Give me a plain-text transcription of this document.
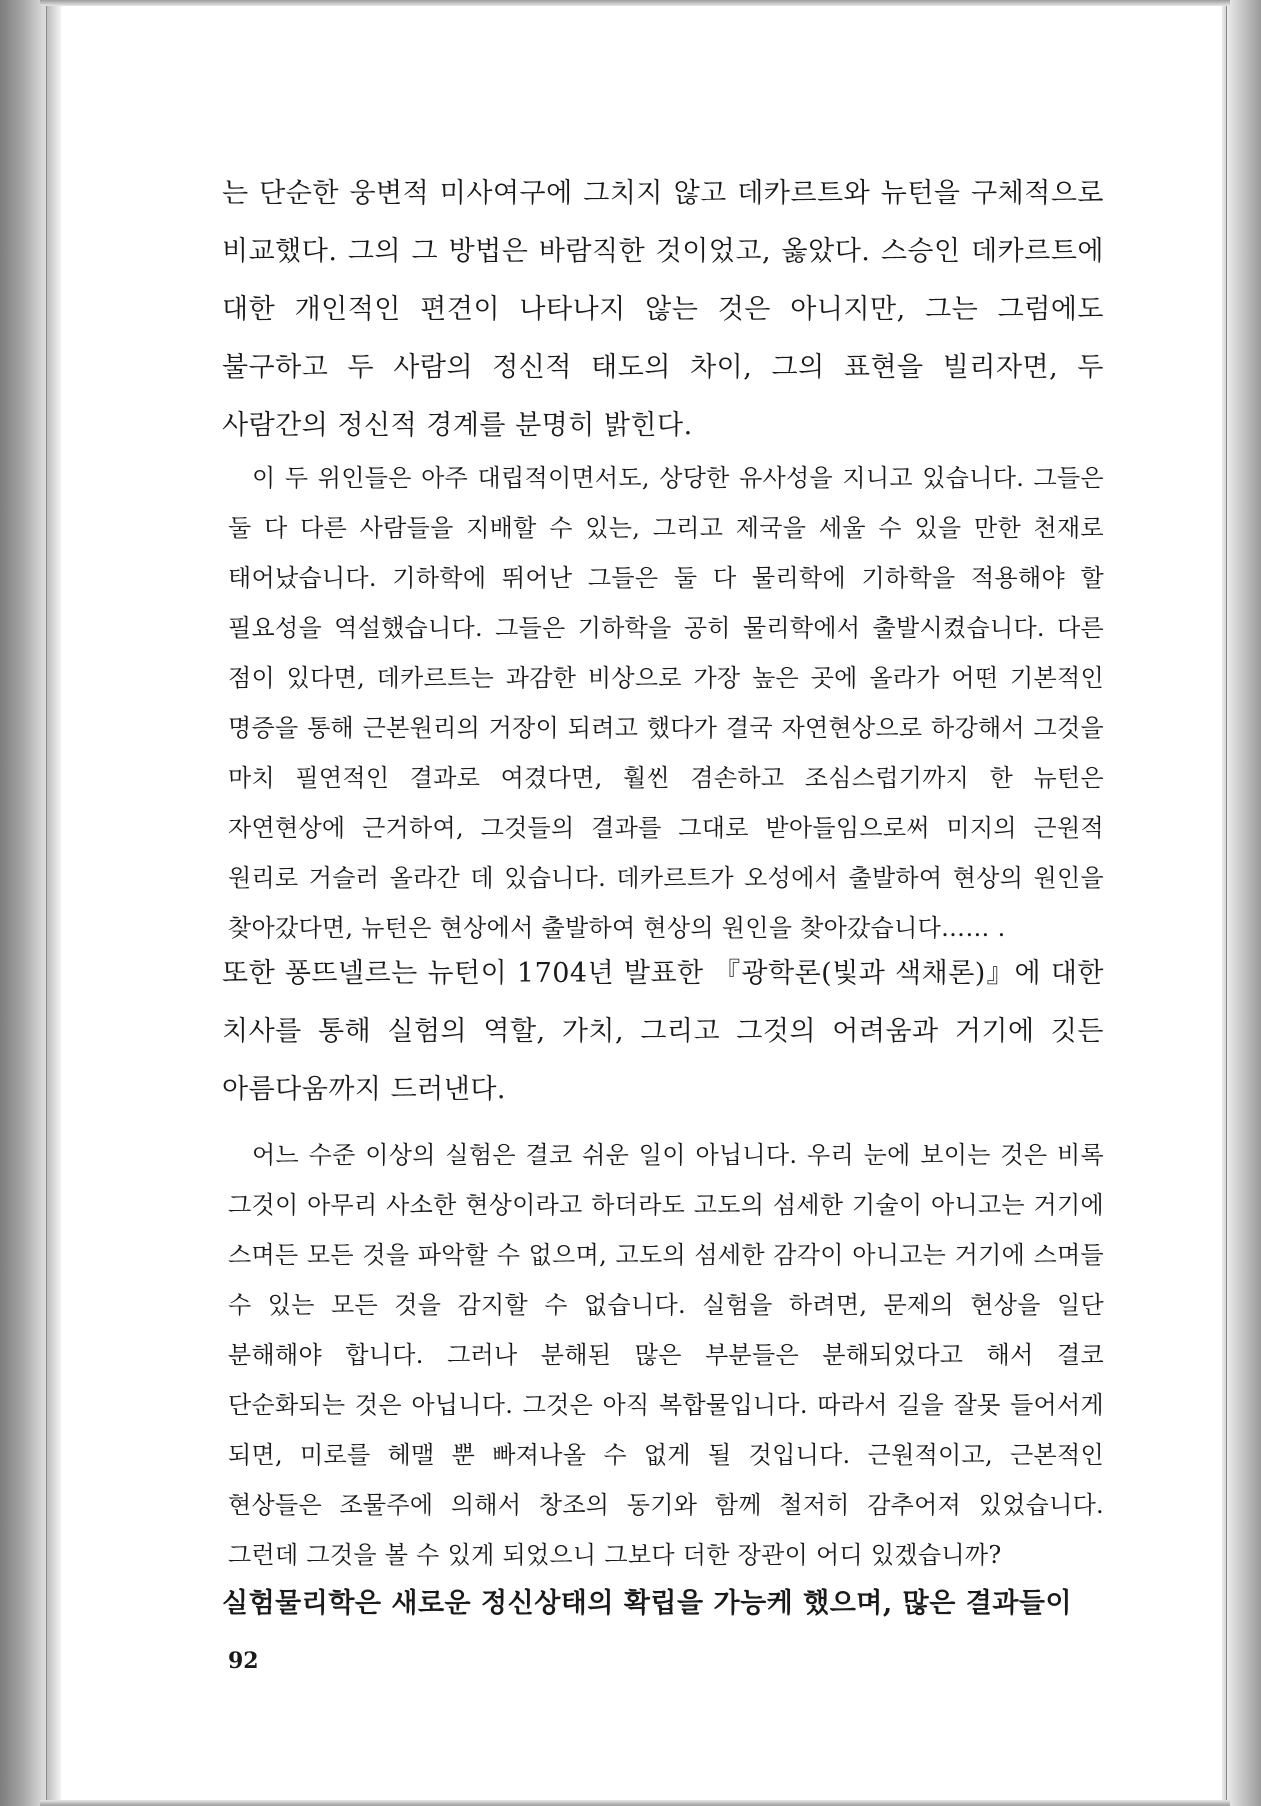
는 단순한 웅변적 미사여구에 그치지 않고 데카르트와 뉴턴을 구체적으로 비교했다. 그의 그 방법은 바람직한 것이었고, 옳았다. 스승인 데카르트에 대한 개인적인 편견이 나타나지 않는 것은 아니지만, 그는 그럼에도 불구하고 두 사람의 정신적 태도의 차이, 그의 표현을 빌리자면, 두 사람간의 정신적 경계를 분명히 밝힌다.
이 두 위인들은 아주 대립적이면서도, 상당한 유사성을 지니고 있습니다. 그들은 둘 다 다른 사람들을 지배할 수 있는, 그리고 제국을 세울 수 있을 만한 천재로 태어났습니다. 기하학에 뛰어난 그들은 둘 다 물리학에 기하학을 적용해야 할 필요성을 역설했습니다. 그들은 기하학을 공히 물리학에서 출발시켰습니다. 다른 점이 있다면, 데카르트는 과감한 비상으로 가장 높은 곳에 올라가 어떤 기본적인 명증을 통해 근본원리의 거장이 되려고 했다가 결국 자연현상으로 하강해서 그것을 마치 필연적인 결과로 여겼다면, 훨씬 겸손하고 조심스럽기까지 한 뉴턴은 자연현상에 근거하여, 그것들의 결과를 그대로 받아들임으로써 미지의 근원적 원리로 거슬러 올라간 데 있습니다. 데카르트가 오성에서 출발하여 현상의 원인을 찾아갔다면, 뉴턴은 현상에서 출발하여 현상의 원인을 찾아갔습니다…… .
또한 퐁뜨넬르는 뉴턴이 1704년 발표한 『광학론(빛과 색채론)』에 대한 치사를 통해 실험의 역할, 가치, 그리고 그것의 어려움과 거기에 깃든 아름다움까지 드러낸다.
어느 수준 이상의 실험은 결코 쉬운 일이 아닙니다. 우리 눈에 보이는 것은 비록 그것이 아무리 사소한 현상이라고 하더라도 고도의 섬세한 기술이 아니고는 거기에 스며든 모든 것을 파악할 수 없으며, 고도의 섬세한 감각이 아니고는 거기에 스며들 수 있는 모든 것을 감지할 수 없습니다. 실험을 하려면, 문제의 현상을 일단 분해해야 합니다. 그러나 분해된 많은 부분들은 분해되었다고 해서 결코 단순화되는 것은 아닙니다. 그것은 아직 복합물입니다. 따라서 길을 잘못 들어서게 되면, 미로를 헤맬 뿐 빠져나올 수 없게 될 것입니다. 근원적이고, 근본적인 현상들은 조물주에 의해서 창조의 동기와 함께 철저히 감추어져 있었습니다. 그런데 그것을 볼 수 있게 되었으니 그보다 더한 장관이 어디 있겠습니까?
실험물리학은 새로운 정신상태의 확립을 가능케 했으며, 많은 결과들이
92
